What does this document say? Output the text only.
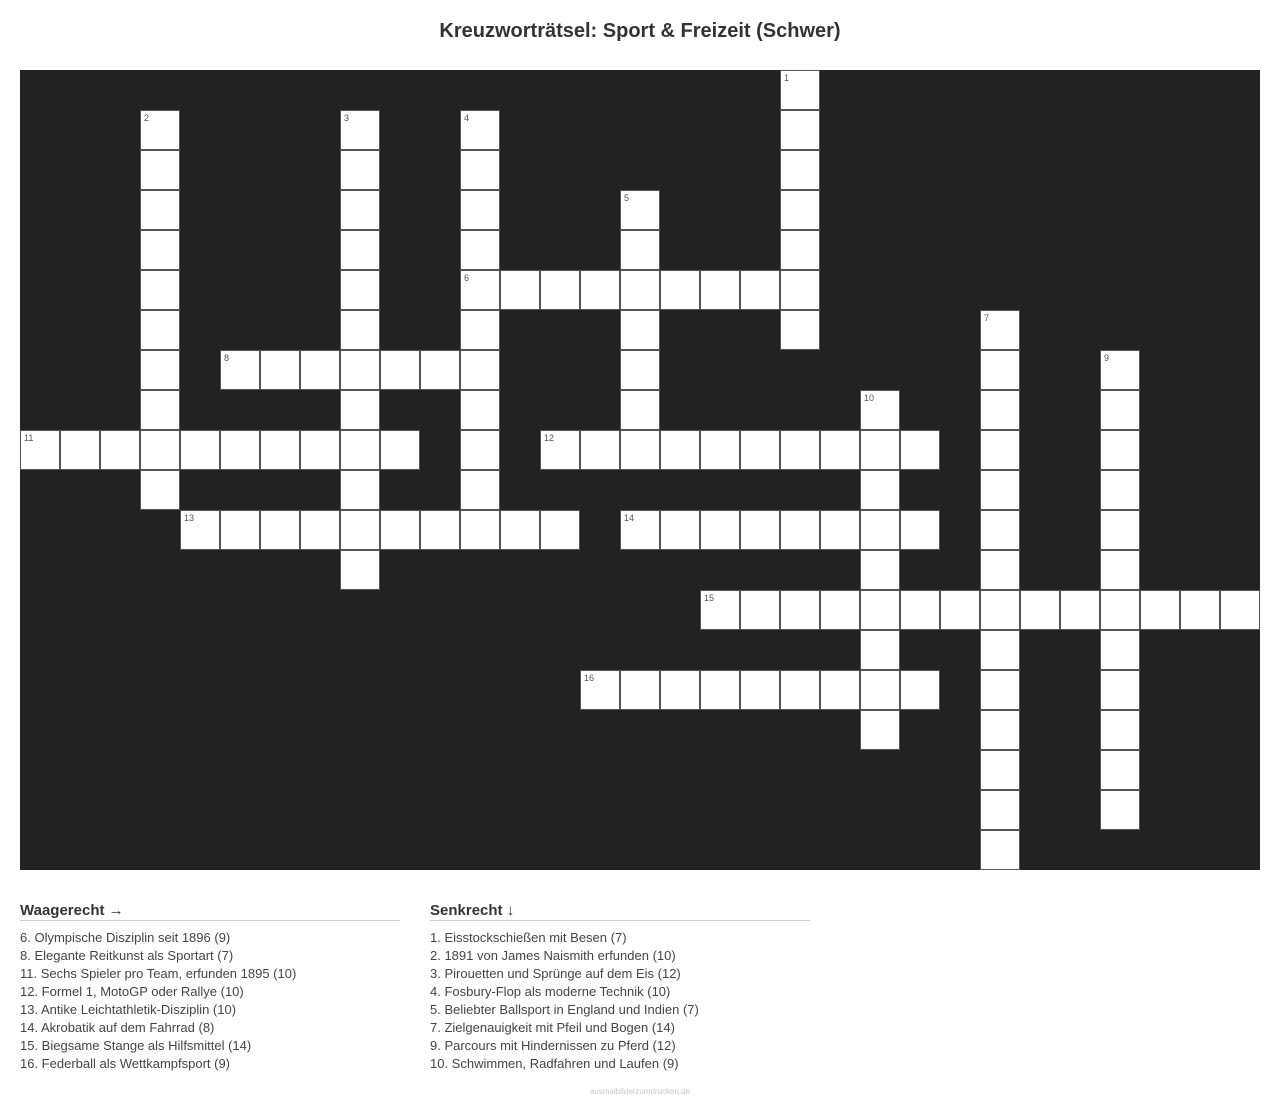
Kreuzworträtsel: Sport & Freizeit (Schwer)
1
2	3	4
6
5
7
8	9
10
11	12
13	14
15
16
Waagerecht →
6. Olympische Disziplin seit 1896 (9)
8. Elegante Reitkunst als Sportart (7)
11. Sechs Spieler pro Team, erfunden 1895 (10)
12. Formel 1, MotoGP oder Rallye (10)
13. Antike Leichtathletik-Disziplin (10)
14. Akrobatik auf dem Fahrrad (8)
15. Biegsame Stange als Hilfsmittel (14)
16. Federball als Wettkampfsport (9)
Senkrecht ↓
1. Eisstockschießen mit Besen (7)
2. 1891 von James Naismith erfunden (10)
3. Pirouetten und Sprünge auf dem Eis (12)
4. Fosbury-Flop als moderne Technik (10)
5. Beliebter Ballsport in England und Indien (7)
7. Zielgenauigkeit mit Pfeil und Bogen (14)
9. Parcours mit Hindernissen zu Pferd (12)
10. Schwimmen, Radfahren und Laufen (9)
ausmalbilderzumdrucken.de
